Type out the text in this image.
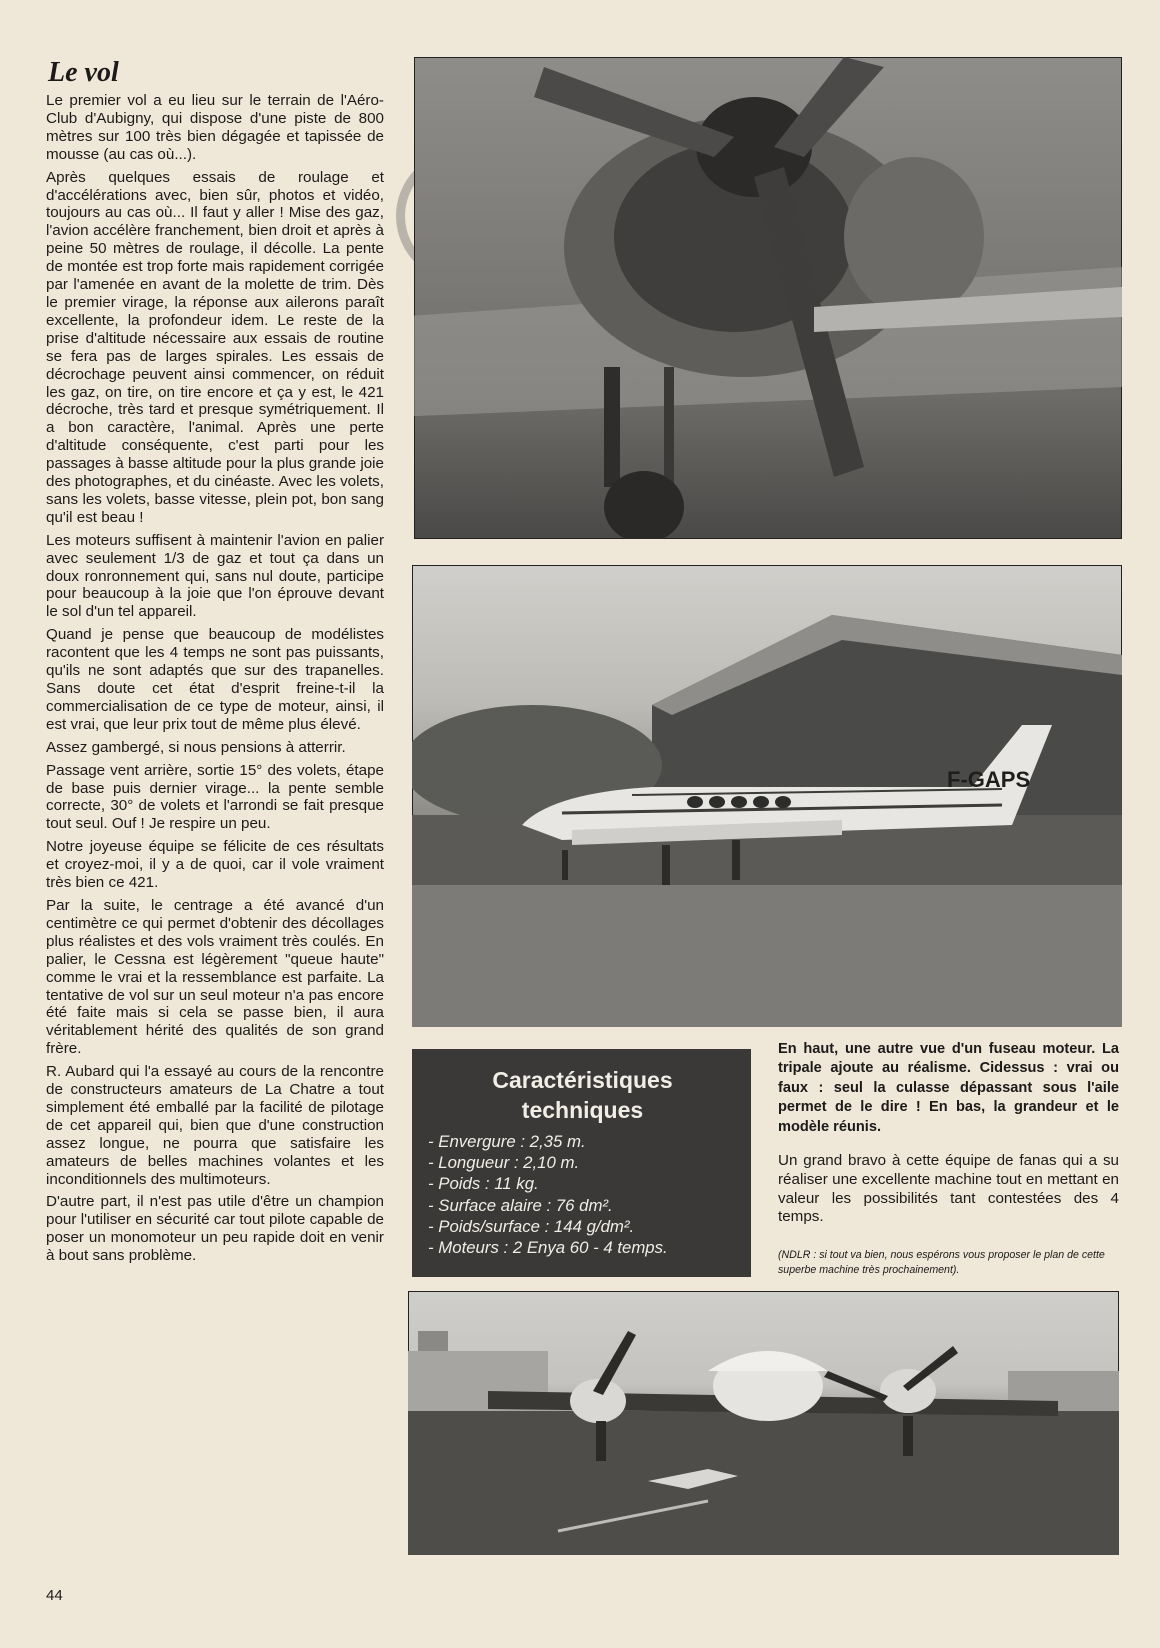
Le vol

Le premier vol a eu lieu sur le terrain de l'Aéro-Club d'Aubigny, qui dispose d'une piste de 800 mètres sur 100 très bien dégagée et tapissée de mousse (au cas où...).

Après quelques essais de roulage et d'accélérations avec, bien sûr, photos et vidéo, toujours au cas où... Il faut y aller ! Mise des gaz, l'avion accélère franchement, bien droit et après à peine 50 mètres de roulage, il décolle. La pente de montée est trop forte mais rapidement corrigée par l'amenée en avant de la molette de trim. Dès le premier virage, la réponse aux ailerons paraît excellente, la profondeur idem. Le reste de la prise d'altitude nécessaire aux essais de routine se fera pas de larges spirales. Les essais de décrochage peuvent ainsi commencer, on réduit les gaz, on tire, on tire encore et ça y est, le 421 décroche, très tard et presque symétriquement. Il a bon caractère, l'animal. Après une perte d'altitude conséquente, c'est parti pour les passages à basse altitude pour la plus grande joie des photographes, et du cinéaste. Avec les volets, sans les volets, basse vitesse, plein pot, bon sang qu'il est beau !

Les moteurs suffisent à maintenir l'avion en palier avec seulement 1/3 de gaz et tout ça dans un doux ronronnement qui, sans nul doute, participe pour beaucoup à la joie que l'on éprouve devant le sol d'un tel appareil.

Quand je pense que beaucoup de modélistes racontent que les 4 temps ne sont pas puissants, qu'ils ne sont adaptés que sur des trapanelles. Sans doute cet état d'esprit freine-t-il la commercialisation de ce type de moteur, ainsi, il est vrai, que leur prix tout de même plus élevé.

Assez gambergé, si nous pensions à atterrir.

Passage vent arrière, sortie 15° des volets, étape de base puis dernier virage... la pente semble correcte, 30° de volets et l'arrondi se fait presque tout seul. Ouf ! Je respire un peu.

Notre joyeuse équipe se félicite de ces résultats et croyez-moi, il y a de quoi, car il vole vraiment très bien ce 421.

Par la suite, le centrage a été avancé d'un centimètre ce qui permet d'obtenir des décollages plus réalistes et des vols vraiment très coulés. En palier, le Cessna est légèrement "queue haute" comme le vrai et la ressemblance est parfaite. La tentative de vol sur un seul moteur n'a pas encore été faite mais si cela se passe bien, il aura véritablement hérité des qualités de son grand frère.

R. Aubard qui l'a essayé au cours de la rencontre de constructeurs amateurs de La Chatre a tout simplement été emballé par la facilité de pilotage de cet appareil qui, bien que d'une construction assez longue, ne pourra que satisfaire les amateurs de belles machines volantes et les inconditionnels des multimoteurs.

D'autre part, il n'est pas utile d'être un champion pour l'utiliser en sécurité car tout pilote capable de poser un monomoteur un peu rapide doit en venir à bout sans problème.

F-GAPS
Caractéristiques
techniques
- Envergure : 2,35 m.
- Longueur : 2,10 m.
- Poids : 11 kg.
- Surface alaire : 76 dm².
- Poids/surface : 144 g/dm².
- Moteurs : 2 Enya 60 - 4 temps.

En haut, une autre vue d'un fuseau moteur. La tripale ajoute au réalisme. Cidessus : vrai ou faux : seul la culasse dépassant sous l'aile permet de le dire ! En bas, la grandeur et le modèle réunis.

Un grand bravo à cette équipe de fanas qui a su réaliser une excellente machine tout en mettant en valeur les possibilités tant contestées des 4 temps.

(NDLR : si tout va bien, nous espérons vous proposer le plan de cette superbe machine très prochainement).

44
